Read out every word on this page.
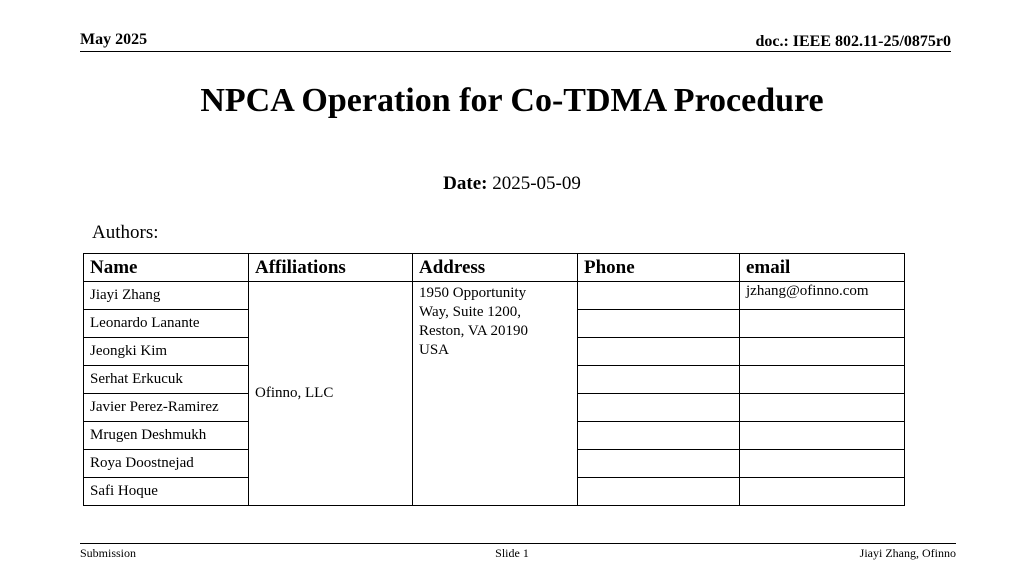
May 2025	doc.: IEEE 802.11-25/0875r0
NPCA Operation for Co-TDMA Procedure
Date: 2025-05-09
Authors:
Name	Affiliations	Address	Phone	email
Jiayi Zhang	Ofinno, LLC	1950 Opportunity
Way, Suite 1200,
Reston, VA 20190
USA		jzhang@ofinno.com
Leonardo Lanante				
Jeongki Kim				
Serhat Erkucuk				
Javier Perez-Ramirez				
Mrugen Deshmukh				
Roya Doostnejad				
Safi Hoque				
Submission	Slide 1	Jiayi Zhang, Ofinno
